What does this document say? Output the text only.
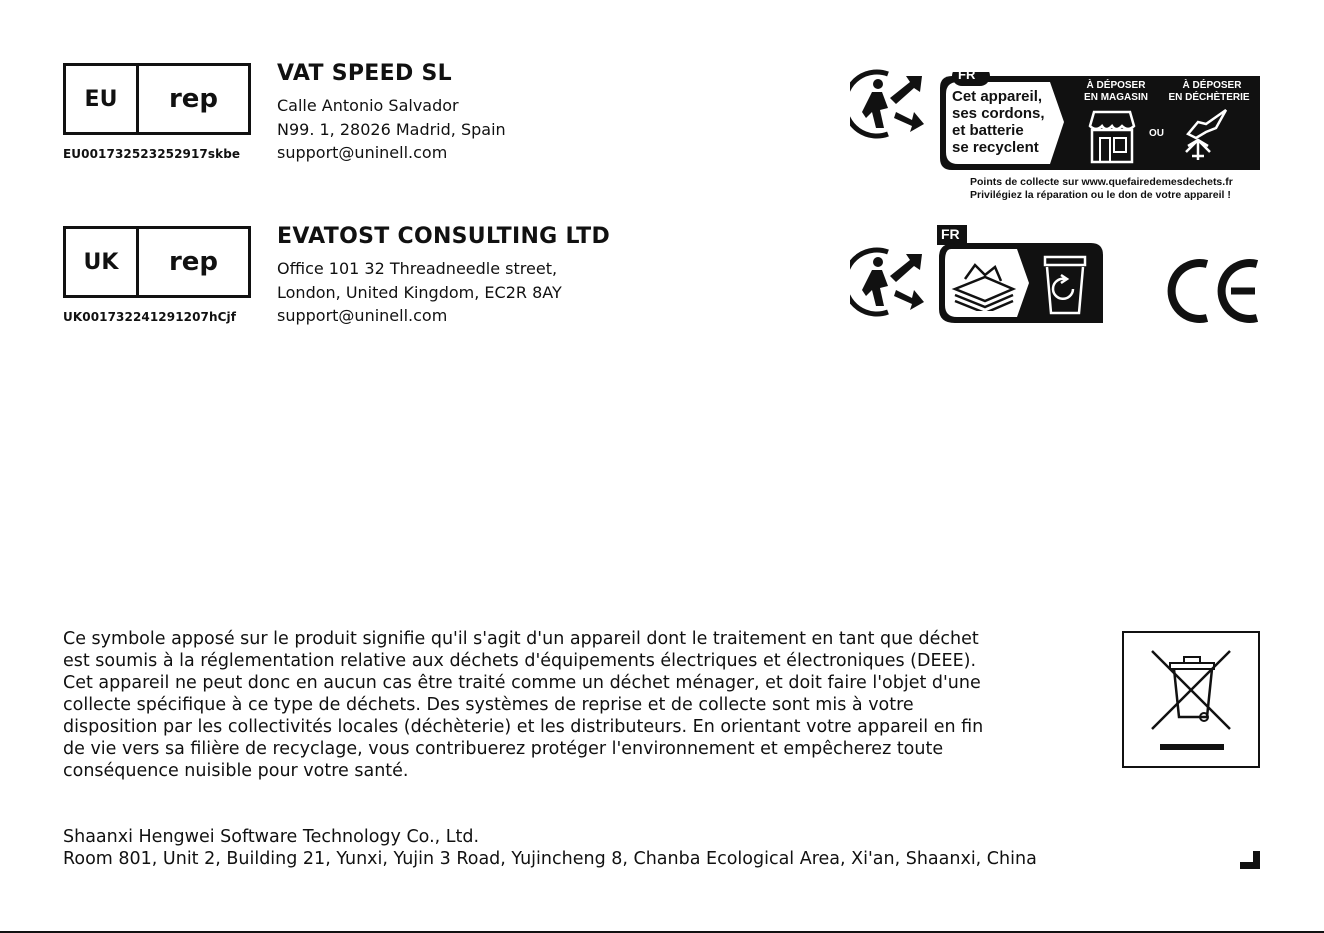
EU	rep
EU001732523252917skbe
VAT SPEED SL
Calle Antonio Salvador
N99. 1, 28026 Madrid, Spain
support@uninell.com
UK	rep
UK001732241291207hCjf
EVATOST CONSULTING LTD
Office 101 32 Threadneedle street,
London, United Kingdom, EC2R 8AY
support@uninell.com
FR
Cet appareil,
ses cordons,
et batterie
se recyclent
À DÉPOSER
EN MAGASIN
À DÉPOSER
EN DÉCHÈTERIE
OU
Points de collecte sur www.quefairedemesdechets.fr
Privilégiez la réparation ou le don de votre appareil !
FR
Ce symbole apposé sur le produit signifie qu'il s'agit d'un appareil dont le traitement en tant que déchet
est soumis à la réglementation relative aux déchets d'équipements électriques et électroniques (DEEE).
Cet appareil ne peut donc en aucun cas être traité comme un déchet ménager, et doit faire l'objet d'une
collecte spécifique à ce type de déchets. Des systèmes de reprise et de collecte sont mis à votre
disposition par les collectivités locales (déchèterie) et les distributeurs. En orientant votre appareil en fin
de vie vers sa filière de recyclage, vous contribuerez protéger l'environnement et empêcherez toute
conséquence nuisible pour votre santé.
Shaanxi Hengwei Software Technology Co., Ltd.
Room 801, Unit 2, Building 21, Yunxi, Yujin 3 Road, Yujincheng 8, Chanba Ecological Area, Xi'an, Shaanxi, China
